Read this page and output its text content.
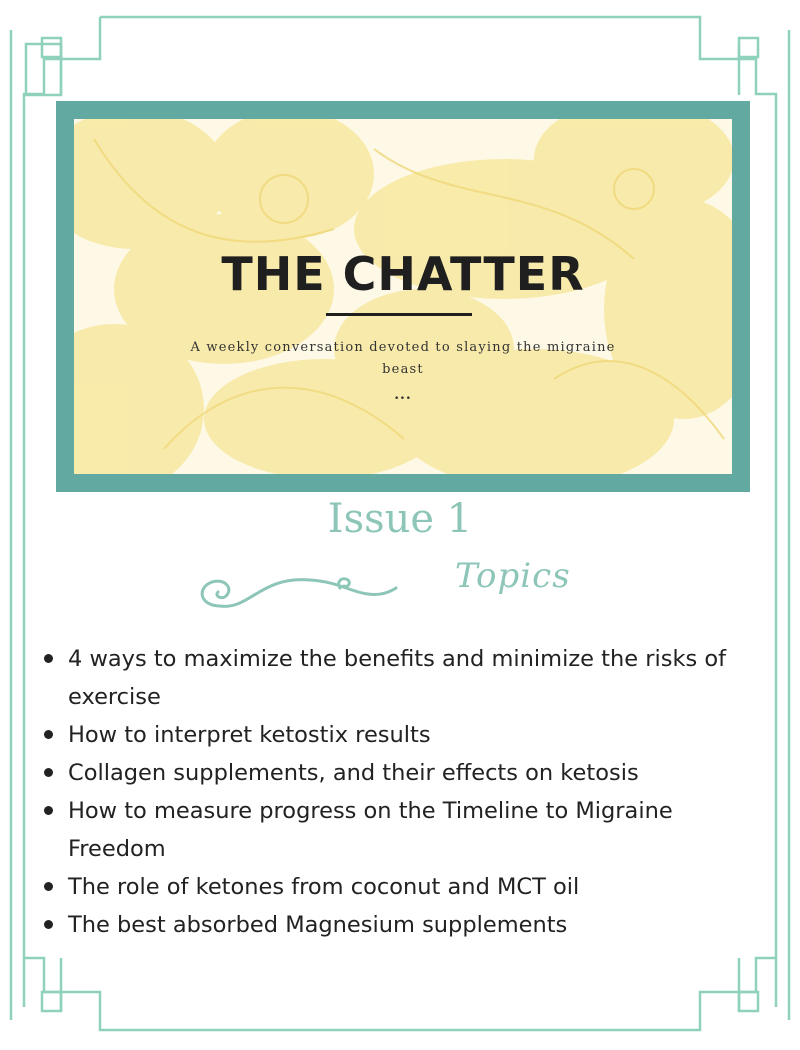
THE CHATTER
A weekly conversation devoted to slaying the migraine beast
...
Issue 1
Topics
4 ways to maximize the benefits and minimize the risks of exercise
How to interpret ketostix results
Collagen supplements, and their effects on ketosis
How to measure progress on the Timeline to Migraine Freedom
The role of ketones from coconut and MCT oil
The best absorbed Magnesium supplements
